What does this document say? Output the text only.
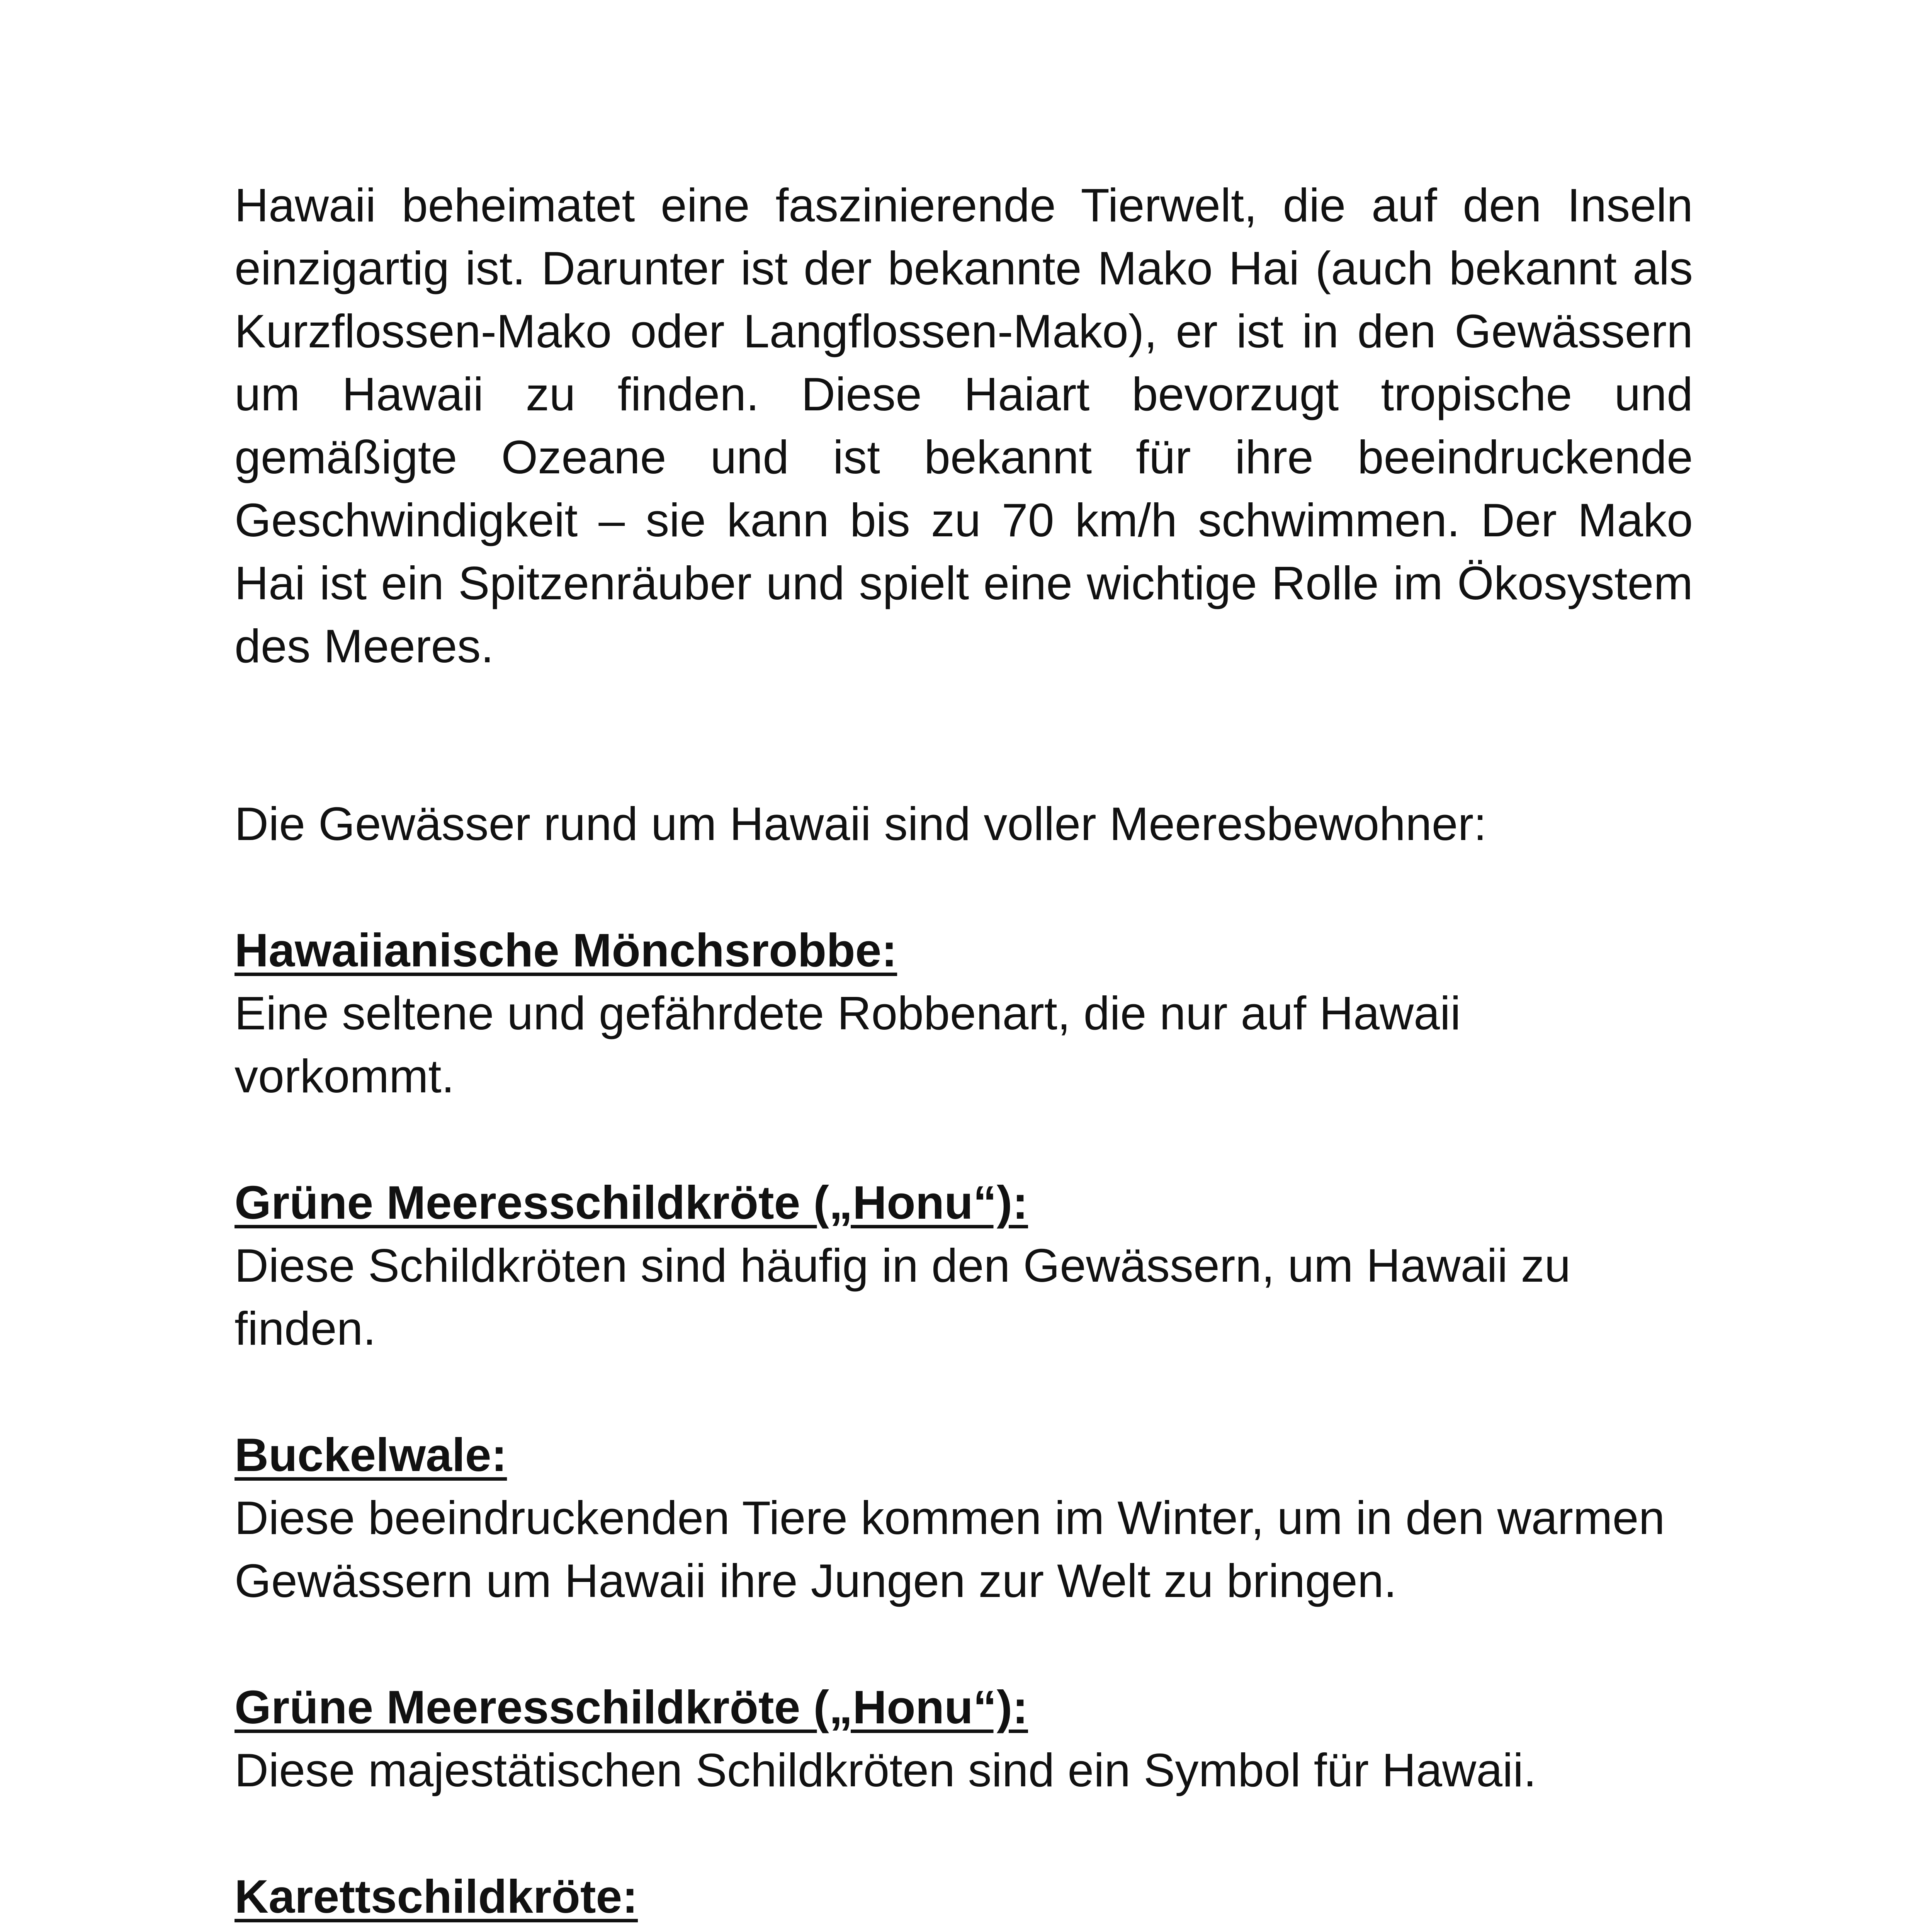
Hawaii beheimatet eine faszinierende Tierwelt, die auf den Inseln einzigartig ist. Darunter ist der bekannte Mako Hai (auch bekannt als Kurzflossen-Mako oder Langflossen-Mako), er ist in den Gewässern um Hawaii zu finden. Diese Haiart bevorzugt tropische und gemäßigte Ozeane und ist bekannt für ihre beeindruckende Geschwindigkeit – sie kann bis zu 70 km/h schwimmen. Der Mako Hai ist ein Spitzenräuber und spielt eine wichtige Rolle im Ökosystem des Meeres.

Die Gewässer rund um Hawaii sind voller Meeresbewohner:

Hawaiianische Mönchsrobbe:

Eine seltene und gefährdete Robbenart, die nur auf Hawaii vorkommt.

Grüne Meeresschildkröte („Honu“):

Diese Schildkröten sind häufig in den Gewässern, um Hawaii zu finden.

Buckelwale:

Diese beeindruckenden Tiere kommen im Winter, um in den warmen Gewässern um Hawaii ihre Jungen zur Welt zu bringen.

Grüne Meeresschildkröte („Honu“):

Diese majestätischen Schildkröten sind ein Symbol für Hawaii.

Karettschildkröte:
